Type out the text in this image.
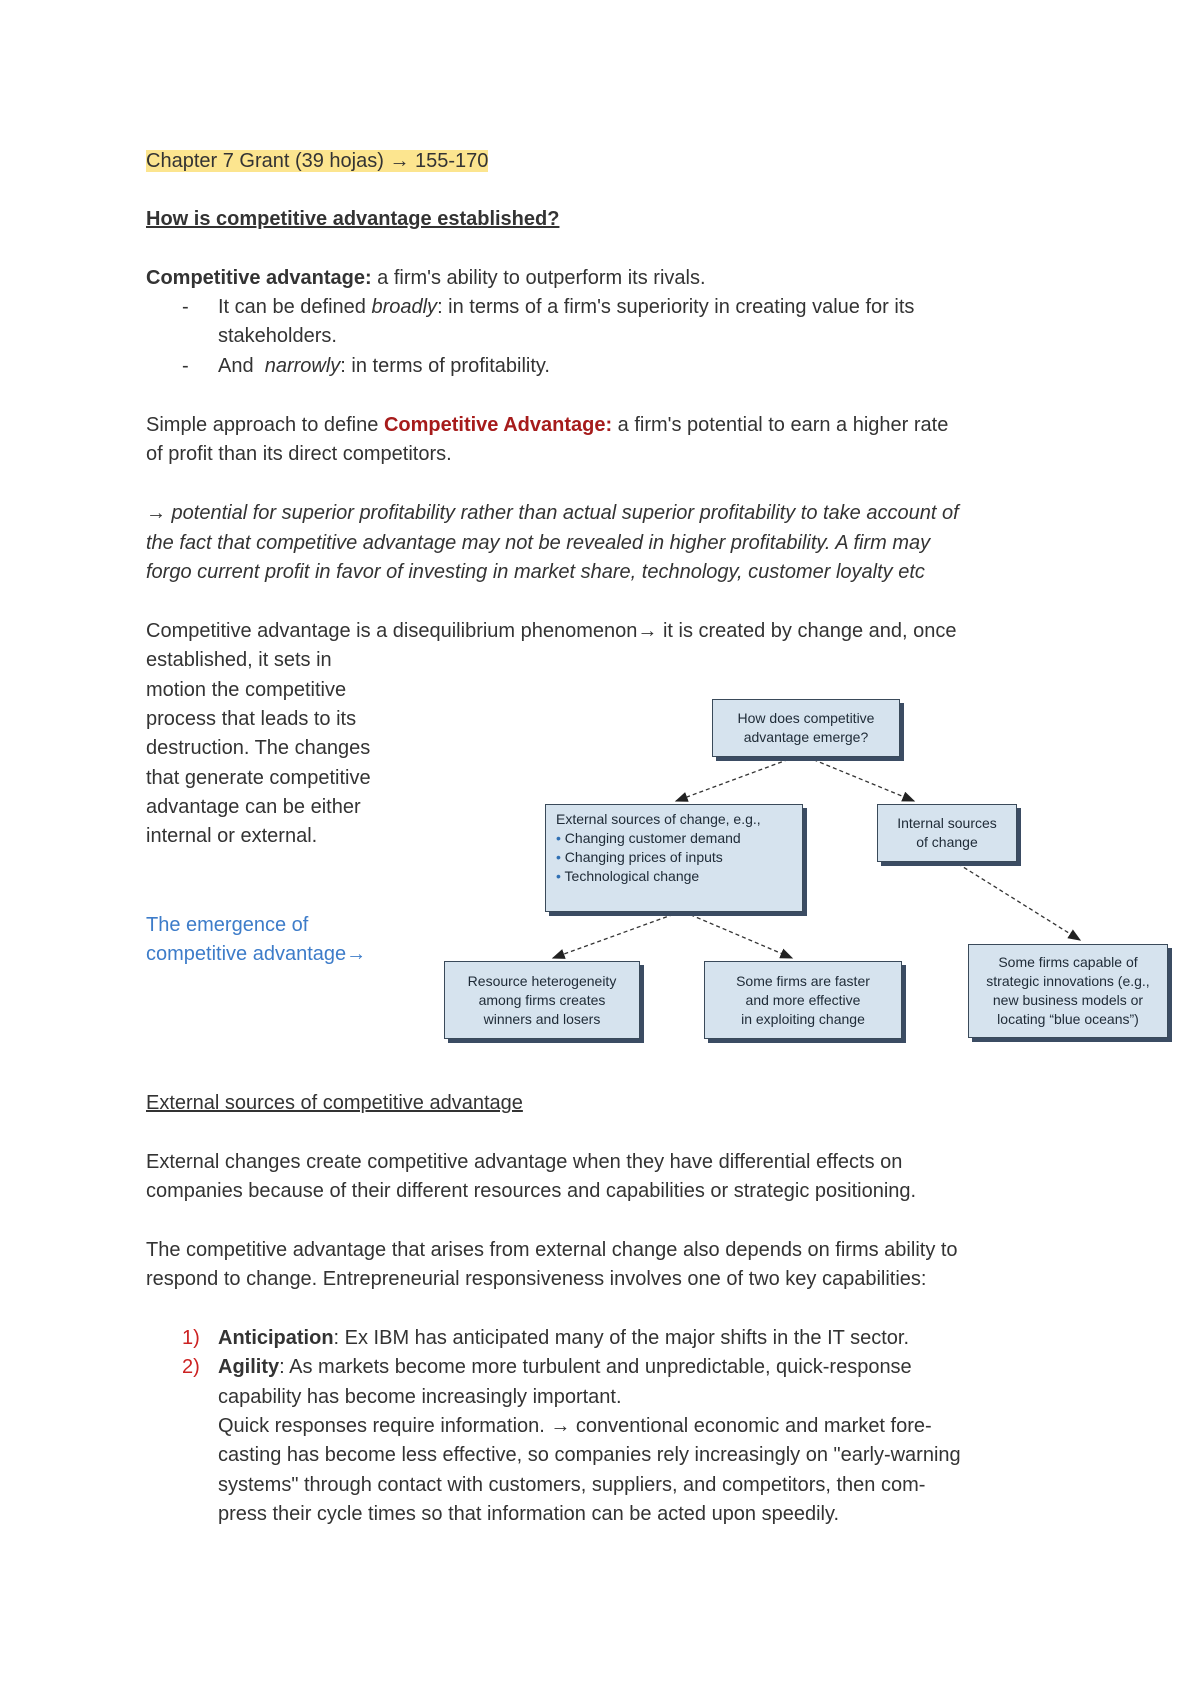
Chapter 7 Grant (39 hojas) → 155-170
How is competitive advantage established?
Competitive advantage: a firm's ability to outperform its rivals.
- It can be defined broadly: in terms of a firm's superiority in creating value for its
stakeholders.
- And  narrowly: in terms of profitability.
Simple approach to define Competitive Advantage: a firm's potential to earn a higher rate
of profit than its direct competitors.
→ potential for superior profitability rather than actual superior profitability to take account of
the fact that competitive advantage may not be revealed in higher profitability. A firm may
forgo current profit in favor of investing in market share, technology, customer loyalty etc
Competitive advantage is a disequilibrium phenomenon→ it is created by change and, once
established, it sets in
motion the competitive
process that leads to its
destruction. The changes
that generate competitive
advantage can be either
internal or external.
The emergence of
competitive advantage→
How does competitive
advantage emerge?
External sources of change, e.g.,
• Changing customer demand
• Changing prices of inputs
• Technological change
Internal sources
of change
Resource heterogeneity
among firms creates
winners and losers
Some firms are faster
and more effective
in exploiting change
Some firms capable of
strategic innovations (e.g.,
new business models or
locating “blue oceans”)
External sources of competitive advantage
External changes create competitive advantage when they have differential effects on
companies because of their different resources and capabilities or strategic positioning.
The competitive advantage that arises from external change also depends on firms ability to
respond to change. Entrepreneurial responsiveness involves one of two key capabilities:
1) Anticipation: Ex IBM has anticipated many of the major shifts in the IT sector.
2) Agility: As markets become more turbulent and unpredictable, quick-response
capability has become increasingly important.
Quick responses require information. → conventional economic and market fore-
casting has become less effective, so companies rely increasingly on "early-warning
systems" through contact with customers, suppliers, and competitors, then com-
press their cycle times so that information can be acted upon speedily.
